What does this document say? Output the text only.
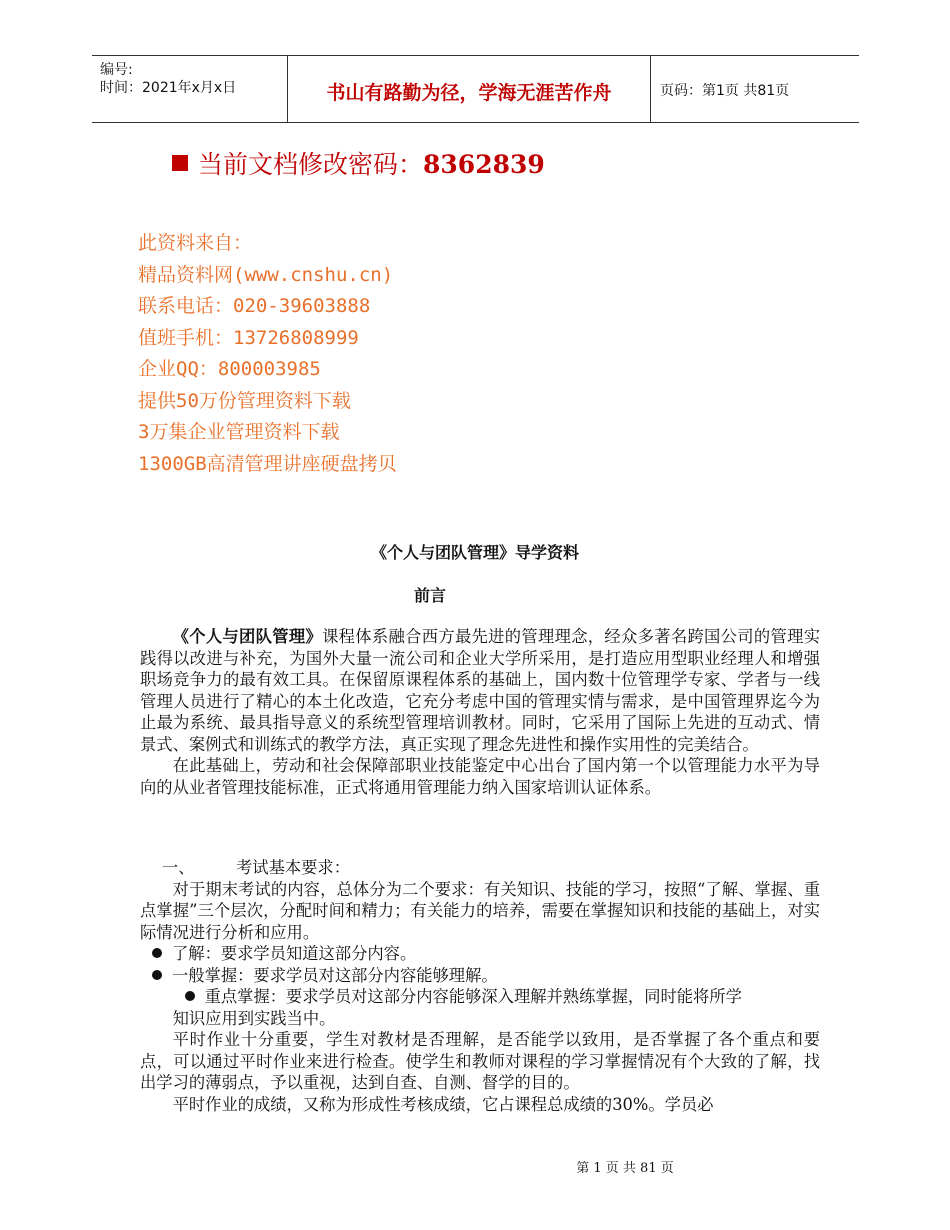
编号:
时间：2021年x月x日	书山有路勤为径，学海无涯苦作舟	页码：第1页 共81页
当前文档修改密码：8362839
此资料来自：
精品资料网(www.cnshu.cn)
联系电话：020-39603888
值班手机：13726808999
企业QQ：800003985
提供50万份管理资料下载
3万集企业管理资料下载
1300GB高清管理讲座硬盘拷贝
《个人与团队管理》导学资料
前言

《个人与团队管理》课程体系融合西方最先进的管理理念，经众多著名跨国公司的管理实践得以改进与补充，为国外大量一流公司和企业大学所采用，是打造应用型职业经理人和增强职场竞争力的最有效工具。在保留原课程体系的基础上，国内数十位管理学专家、学者与一线管理人员进行了精心的本土化改造，它充分考虑中国的管理实情与需求，是中国管理界迄今为止最为系统、最具指导意义的系统型管理培训教材。同时，它采用了国际上先进的互动式、情景式、案例式和训练式的教学方法，真正实现了理念先进性和操作实用性的完美结合。

在此基础上，劳动和社会保障部职业技能鉴定中心出台了国内第一个以管理能力水平为导向的从业者管理技能标准，正式将通用管理能力纳入国家培训认证体系。

一、	考试基本要求：

对于期末考试的内容，总体分为二个要求：有关知识、技能的学习，按照“了解、掌握、重点掌握”三个层次，分配时间和精力；有关能力的培养，需要在掌握知识和技能的基础上，对实际情况进行分析和应用。

了解：要求学员知道这部分内容。

一般掌握：要求学员对这部分内容能够理解。

重点掌握：要求学员对这部分内容能够深入理解并熟练掌握，同时能将所学
知识应用到实践当中。

平时作业十分重要，学生对教材是否理解，是否能学以致用，是否掌握了各个重点和要点，可以通过平时作业来进行检查。使学生和教师对课程的学习掌握情况有个大致的了解，找出学习的薄弱点，予以重视，达到自查、自测、督学的目的。

平时作业的成绩，又称为形成性考核成绩，它占课程总成绩的30%。学员必

第 1 页 共 81 页
